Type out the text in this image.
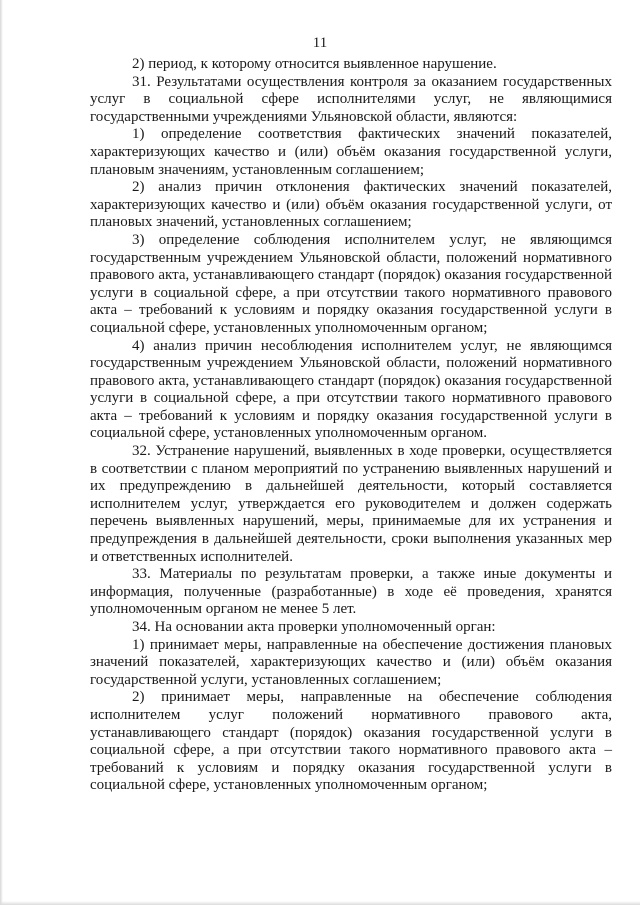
11

2) период, к которому относится выявленное нарушение.

31. Результатами осуществления контроля за оказанием государственных услуг в социальной сфере исполнителями услуг, не являющимися государственными учреждениями Ульяновской области, являются:

1) определение соответствия фактических значений показателей, характеризующих качество и (или) объём оказания государственной услуги, плановым значениям, установленным соглашением;

2) анализ причин отклонения фактических значений показателей, характеризующих качество и (или) объём оказания государственной услуги, от плановых значений, установленных соглашением;

3) определение соблюдения исполнителем услуг, не являющимся государственным учреждением Ульяновской области, положений нормативного правового акта, устанавливающего стандарт (порядок) оказания государственной услуги в социальной сфере, а при отсутствии такого нормативного правового акта – требований к условиям и порядку оказания государственной услуги в социальной сфере, установленных уполномоченным органом;

4) анализ причин несоблюдения исполнителем услуг, не являющимся государственным учреждением Ульяновской области, положений нормативного правового акта, устанавливающего стандарт (порядок) оказания государственной услуги в социальной сфере, а при отсутствии такого нормативного правового акта – требований к условиям и порядку оказания государственной услуги в социальной сфере, установленных уполномоченным органом.

32. Устранение нарушений, выявленных в ходе проверки, осуществляется в соответствии с планом мероприятий по устранению выявленных нарушений и их предупреждению в дальнейшей деятельности, который составляется исполнителем услуг, утверждается его руководителем и должен содержать перечень выявленных нарушений, меры, принимаемые для их устранения и предупреждения в дальнейшей деятельности, сроки выполнения указанных мер и ответственных исполнителей.

33. Материалы по результатам проверки, а также иные документы и информация, полученные (разработанные) в ходе её проведения, хранятся уполномоченным органом не менее 5 лет.

34. На основании акта проверки уполномоченный орган:

1) принимает меры, направленные на обеспечение достижения плановых значений показателей, характеризующих качество и (или) объём оказания государственной услуги, установленных соглашением;

2) принимает меры, направленные на обеспечение соблюдения исполнителем услуг положений нормативного правового акта, устанавливающего стандарт (порядок) оказания государственной услуги в социальной сфере, а при отсутствии такого нормативного правового акта – требований к условиям и порядку оказания государственной услуги в социальной сфере, установленных уполномоченным органом;
